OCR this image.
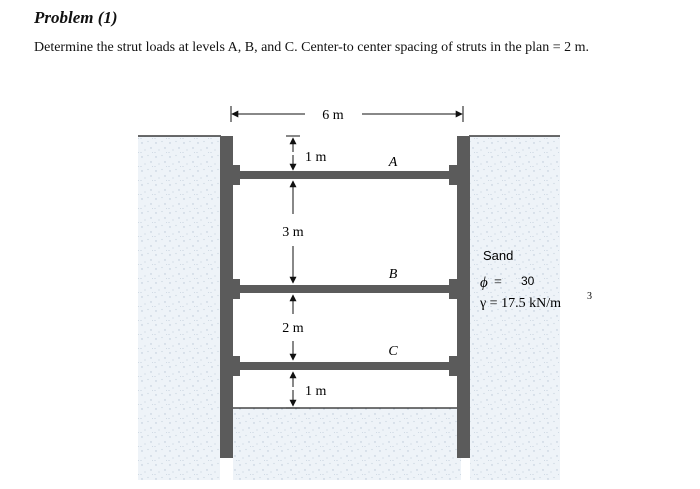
Problem (1)
Determine the strut loads at levels A, B, and C. Center-to center spacing of struts in the plan = 2 m.
6 m
1 m
3 m
2 m
1 m
A
B
C
Sand
ϕ = 30
γ = 17.5 kN/m	3
